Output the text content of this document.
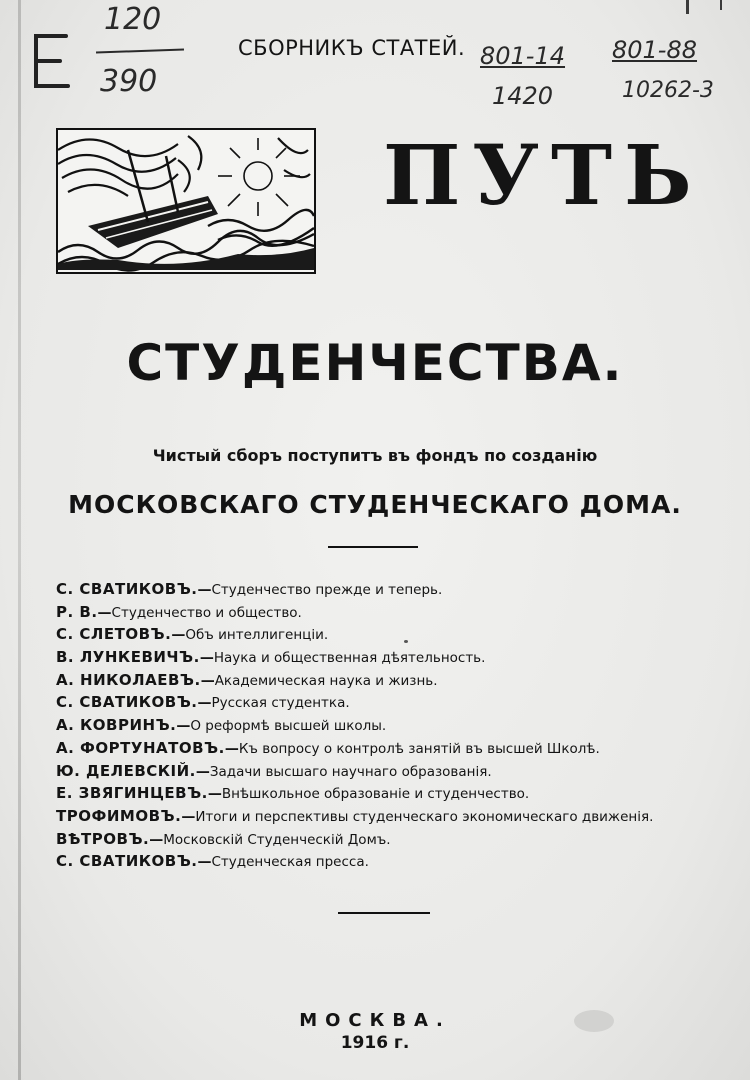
120
390
СБОРНИКЪ СТАТЕЙ. 801-14
1420
801-88
10262-3
ПУТЬ
СТУДЕНЧЕСТВА.
Чистый сборъ поступитъ въ фондъ по созданію
МОСКОВСКАГО СТУДЕНЧЕСКАГО ДОМА.
С. СВАТИКОВЪ.—Студенчество прежде и теперь.
Р. В.—Студенчество и общество.
С. СЛЕТОВЪ.—Объ интеллигенціи.
В. ЛУНКЕВИЧЪ.—Наука и общественная дѣятельность.
А. НИКОЛАЕВЪ.—Академическая наука и жизнь.
С. СВАТИКОВЪ.—Русская студентка.
А. КОВРИНЪ.—О реформѣ высшей школы.
А. ФОРТУНАТОВЪ.—Къ вопросу о контролѣ занятій въ высшей Школѣ.
Ю. ДЕЛЕВСКІЙ.—Задачи высшаго научнаго образованія.
Е. ЗВЯГИНЦЕВЪ.—Внѣшкольное образованіе и студенчество.
ТРОФИМОВЪ.—Итоги и перспективы студенческаго экономическаго движенія.
ВѢТРОВЪ.—Московскій Студенческій Домъ.
С. СВАТИКОВЪ.—Студенческая пресса.
МОСКВА.
1916 г.
